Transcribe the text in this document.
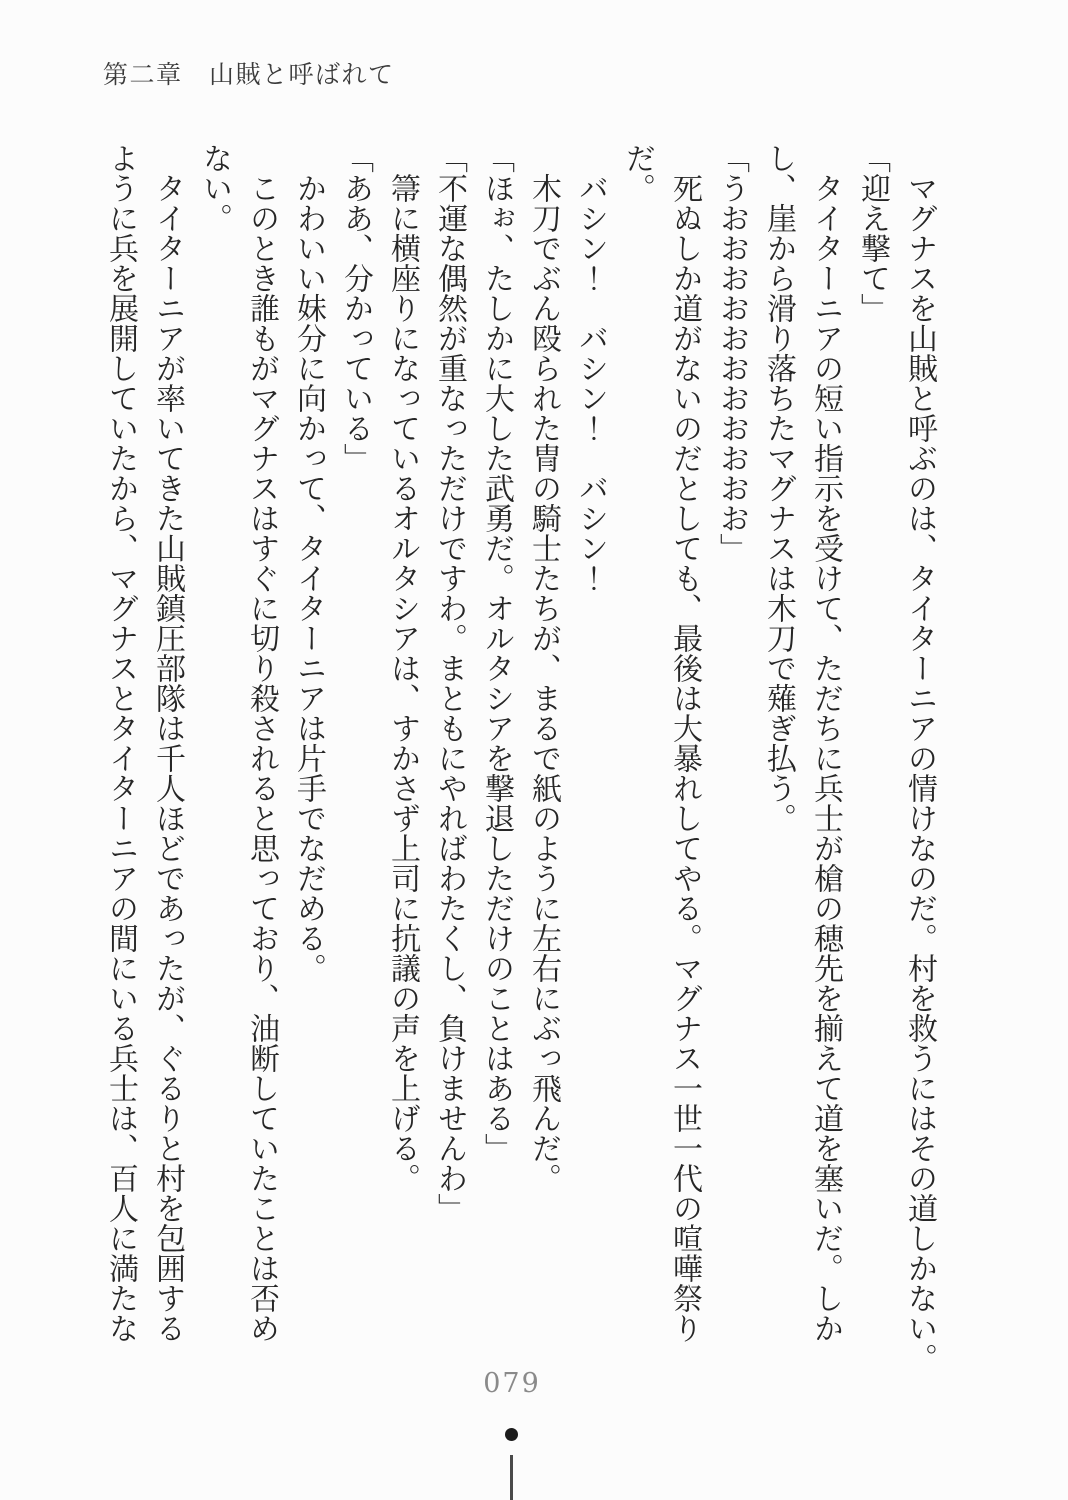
第二章　山賊と呼ばれて
　マグナスを山賊と呼ぶのは、タイターニアの情けなのだ。村を救うにはその道しかない。
「迎え撃て」
　タイターニアの短い指示を受けて、ただちに兵士が槍の穂先を揃えて道を塞いだ。しか
し、崖から滑り落ちたマグナスは木刀で薙ぎ払う。
「うおおおおおおおおおおお」
　死ぬしか道がないのだとしても、最後は大暴れしてやる。マグナス一世一代の喧嘩祭り
だ。
　バシン！　バシン！　バシン！
　木刀でぶん殴られた冑の騎士たちが、まるで紙のように左右にぶっ飛んだ。
「ほぉ、たしかに大した武勇だ。オルタシアを撃退しただけのことはある」
「不運な偶然が重なっただけですわ。まともにやればわたくし、負けませんわ」
　箒に横座りになっているオルタシアは、すかさず上司に抗議の声を上げる。
「ああ、分かっている」
　かわいい妹分に向かって、タイターニアは片手でなだめる。
　このとき誰もがマグナスはすぐに切り殺されると思っており、油断していたことは否め
ない。
　タイターニアが率いてきた山賊鎮圧部隊は千人ほどであったが、ぐるりと村を包囲する
ように兵を展開していたから、マグナスとタイターニアの間にいる兵士は、百人に満たな
079
